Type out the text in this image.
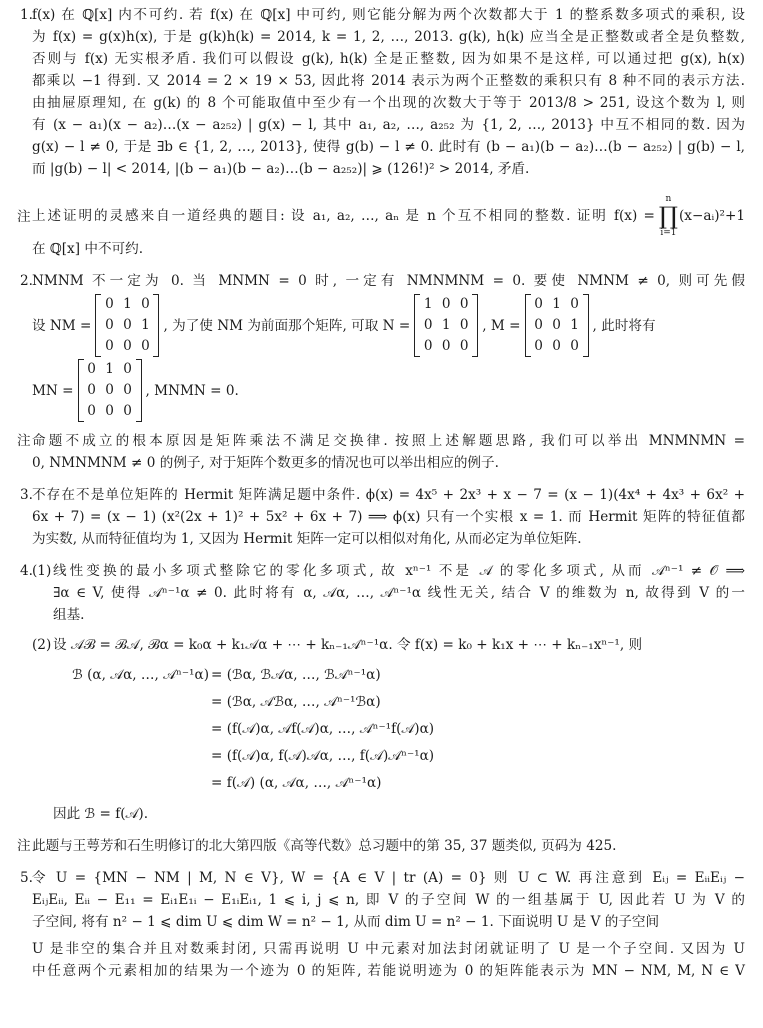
1. f(x) 在 ℚ[x] 内不可约. 若 f(x) 在 ℚ[x] 中可约, 则它能分解为两个次数都大于 1 的整系数多项式的乘积, 设
为 f(x) = g(x)h(x), 于是 g(k)h(k) = 2014, k = 1, 2, …, 2013. g(k), h(k) 应当全是正整数或者全是负整数,
否则与 f(x) 无实根矛盾. 我们可以假设 g(k), h(k) 全是正整数, 因为如果不是这样, 可以通过把 g(x), h(x)
都乘以 −1 得到. 又 2014 = 2 × 19 × 53, 因此将 2014 表示为两个正整数的乘积只有 8 种不同的表示方法.
由抽屉原理知, 在 g(k) 的 8 个可能取值中至少有一个出现的次数大于等于 2013/8 > 251, 设这个数为 l, 则
有 (x − a₁)(x − a₂)…(x − a₂₅₂) | g(x) − l, 其中 a₁, a₂, …, a₂₅₂ 为 {1, 2, …, 2013} 中互不相同的数. 因为
g(x) − l ≠ 0, 于是 ∃b ∈ {1, 2, …, 2013}, 使得 g(b) − l ≠ 0. 此时有 (b − a₁)(b − a₂)…(b − a₂₅₂) | g(b) − l,
而 |g(b) − l| < 2014, |(b − a₁)(b − a₂)…(b − a₂₅₂)| ⩾ (126!)² > 2014, 矛盾.
注 上述证明的灵感来自一道经典的题目: 设 a₁, a₂, …, aₙ 是 n 个互不相同的整数. 证明 f(x) =
n
∏
i=1
(x−aᵢ)²+1
在 ℚ[x] 中不可约.
2. NMNM 不一定为 0. 当 MNMN = 0 时, 一定有 NMNMNM = 0. 要使 NMNM ≠ 0, 则可先假
设 NM =
0 1 0
0 0 1
0 0 0
, 为了使 NM 为前面那个矩阵, 可取 N =
1 0 0
0 1 0
0 0 0
, M =
0 1 0
0 0 1
0 0 0
, 此时将有
MN =
0 1 0
0 0 0
0 0 0
, MNMN = 0.
注 命题不成立的根本原因是矩阵乘法不满足交换律. 按照上述解题思路, 我们可以举出 MNMNMN =
0, NMNMNM ≠ 0 的例子, 对于矩阵个数更多的情况也可以举出相应的例子.
3. 不存在不是单位矩阵的 Hermit 矩阵满足题中条件. ϕ(x) = 4x⁵ + 2x³ + x − 7 = (x − 1)(4x⁴ + 4x³ + 6x² +
6x + 7) = (x − 1) (x²(2x + 1)² + 5x² + 6x + 7) ⟹ ϕ(x) 只有一个实根 x = 1. 而 Hermit 矩阵的特征值都
为实数, 从而特征值均为 1, 又因为 Hermit 矩阵一定可以相似对角化, 从而必定为单位矩阵.
4. (1) 线性变换的最小多项式整除它的零化多项式, 故 xⁿ⁻¹ 不是 𝒜 的零化多项式, 从而 𝒜ⁿ⁻¹ ≠ 𝒪 ⟹
∃α ∈ V, 使得 𝒜ⁿ⁻¹α ≠ 0. 此时将有 α, 𝒜α, …, 𝒜ⁿ⁻¹α 线性无关, 结合 V 的维数为 n, 故得到 V 的一
组基.
(2) 设 𝒜ℬ = ℬ𝒜, ℬα = k₀α + k₁𝒜α + ⋯ + kₙ₋₁𝒜ⁿ⁻¹α. 令 f(x) = k₀ + k₁x + ⋯ + kₙ₋₁xⁿ⁻¹, 则
ℬ (α, 𝒜α, …, 𝒜ⁿ⁻¹α) = (ℬα, ℬ𝒜α, …, ℬ𝒜ⁿ⁻¹α)
= (ℬα, 𝒜ℬα, …, 𝒜ⁿ⁻¹ℬα)
= (f(𝒜)α, 𝒜f(𝒜)α, …, 𝒜ⁿ⁻¹f(𝒜)α)
= (f(𝒜)α, f(𝒜)𝒜α, …, f(𝒜)𝒜ⁿ⁻¹α)
= f(𝒜) (α, 𝒜α, …, 𝒜ⁿ⁻¹α)
因此 ℬ = f(𝒜).
注 此题与王萼芳和石生明修订的北大第四版《高等代数》总习题中的第 35, 37 题类似, 页码为 425.
5. 令 U = {MN − NM | M, N ∈ V}, W = {A ∈ V | tr (A) = 0} 则 U ⊂ W. 再注意到 Eᵢⱼ = EᵢᵢEᵢⱼ −
EᵢⱼEᵢᵢ, Eᵢᵢ − E₁₁ = Eᵢ₁E₁ᵢ − E₁ᵢEᵢ₁, 1 ⩽ i, j ⩽ n, 即 V 的子空间 W 的一组基属于 U, 因此若 U 为 V 的
子空间, 将有 n² − 1 ⩽ dim U ⩽ dim W = n² − 1, 从而 dim U = n² − 1. 下面说明 U 是 V 的子空间
U 是非空的集合并且对数乘封闭, 只需再说明 U 中元素对加法封闭就证明了 U 是一个子空间. 又因为 U
中任意两个元素相加的结果为一个迹为 0 的矩阵, 若能说明迹为 0 的矩阵能表示为 MN − NM, M, N ∈ V
